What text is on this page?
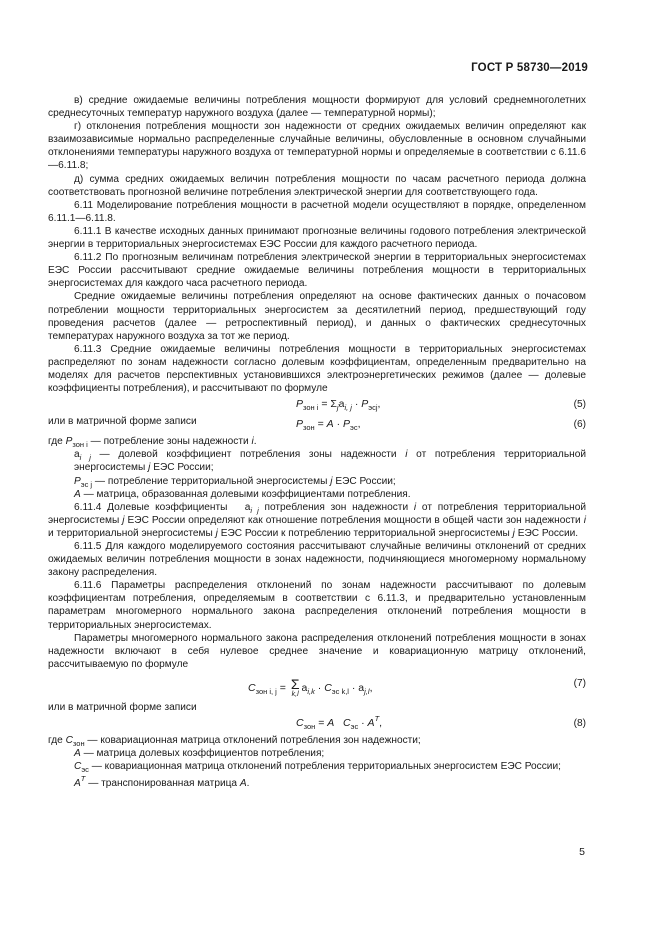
ГОСТ Р 58730—2019

в) средние ожидаемые величины потребления мощности формируют для условий среднемноголетних среднесуточных температур наружного воздуха (далее — температурной нормы);

г) отклонения потребления мощности зон надежности от средних ожидаемых величин определяют как взаимозависимые нормально распределенные случайные величины, обусловленные в основном случайными отклонениями температуры наружного воздуха от температурной нормы и определяемые в соответствии с 6.11.6—6.11.8;

д) сумма средних ожидаемых величин потребления мощности по часам расчетного периода должна соответствовать прогнозной величине потребления электрической энергии для соответствующего года.

6.11 Моделирование потребления мощности в расчетной модели осуществляют в порядке, определенном 6.11.1—6.11.8.

6.11.1 В качестве исходных данных принимают прогнозные величины годового потребления электрической энергии в территориальных энергосистемах ЕЭС России для каждого расчетного периода.

6.11.2 По прогнозным величинам потребления электрической энергии в территориальных энергосистемах ЕЭС России рассчитывают средние ожидаемые величины потребления мощности в территориальных энергосистемах для каждого часа расчетного периода.

Средние ожидаемые величины потребления определяют на основе фактических данных о почасовом потреблении мощности территориальных энергосистем за десятилетний период, предшествующий году проведения расчетов (далее — ретроспективный период), и данных о фактических среднесуточных температурах наружного воздуха за тот же период.

6.11.3 Средние ожидаемые величины потребления мощности в территориальных энергосистемах распределяют по зонам надежности согласно долевым коэффициентам, определенным предварительно на моделях для расчетов перспективных установившихся электроэнергетических режимов (далее — долевые коэффициенты потребления), и рассчитывают по формуле

$P_{зон i} = \Sigma_ja_{i, j} \cdot P_{эсj}$,	(5)

или в матричной форме записи	$P_{зон} = A \cdot P_{эс}$,	(6)

где $P_{зон i}$ — потребление зоны надежности i.

$a_{i j}$ — долевой коэффициент потребления зоны надежности i от потребления территориальной энергосистемы j ЕЭС России;

$P_{эс j}$ — потребление территориальной энергосистемы j ЕЭС России;

A — матрица, образованная долевыми коэффициентами потребления.

6.11.4 Долевые коэффициенты   $a_{i j}$ потребления зон надежности i от потребления территориальной энергосистемы j ЕЭС России определяют как отношение потребления мощности в общей части зон надежности i и территориальной энергосистемы j ЕЭС России к потреблению территориальной энергосистемы j ЕЭС России.

6.11.5 Для каждого моделируемого состояния рассчитывают случайные величины отклонений от средних ожидаемых величин потребления мощности в зонах надежности, подчиняющиеся многомерному нормальному закону распределения.

6.11.6 Параметры распределения отклонений по зонам надежности рассчитывают по долевым коэффициентам потребления, определяемым в соответствии с 6.11.3, и предварительно установленным параметрам многомерного нормального закона распределения отклонений потребления мощности в территориальных энергосистемах.

Параметры многомерного нормального закона распределения отклонений потребления мощности в зонах надежности включают в себя нулевое среднее значение и ковариационную матрицу отклонений, рассчитываемую по формуле

$C_{зон i, j} = \Sigma$
k,l
$a_{i,k} \cdot C_{эс k,l} \cdot a_{j,l}$,	(7)

или в матричной форме записи

$C_{зон} = A$ $C_{эс} \cdot A^T$,	(8)

где $C_{зон}$ — ковариационная матрица отклонений потребления зон надежности;

A — матрица долевых коэффициентов потребления;

$C_{эс}$ — ковариационная матрица отклонений потребления территориальных энергосистем ЕЭС России;

$A^T$ — транспонированная матрица A.

5
